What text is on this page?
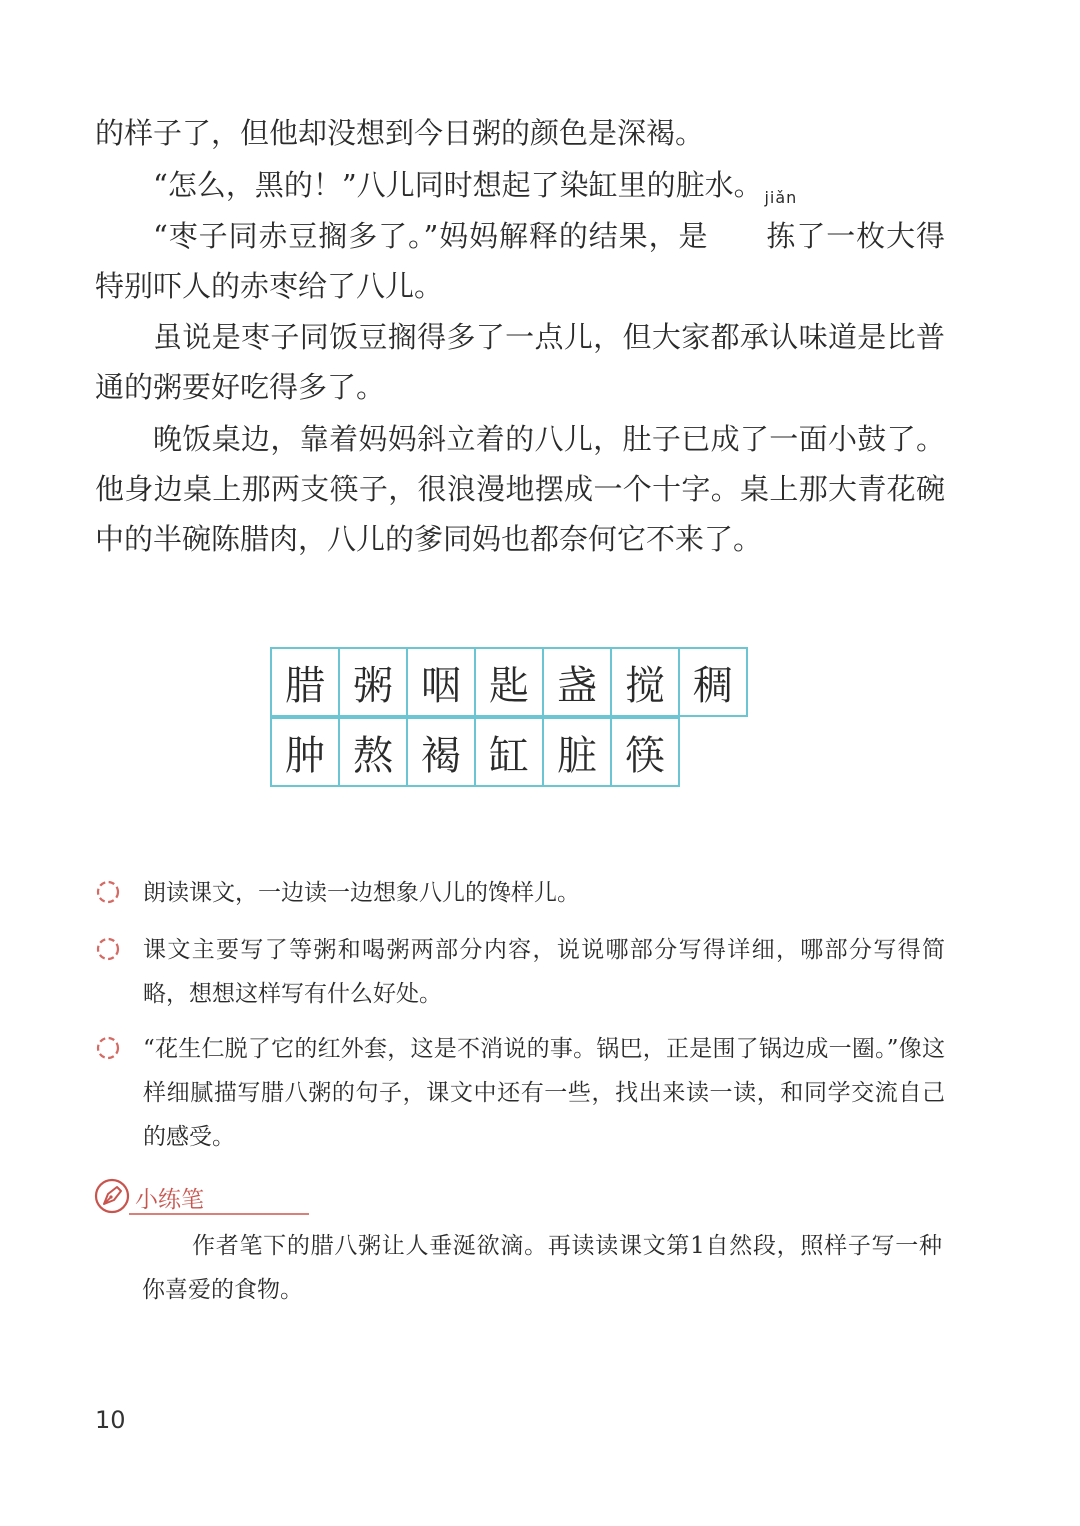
的样子了，但他却没想到今日粥的颜色是深褐。

“怎么，黑的！”八儿同时想起了染缸里的脏水。

“枣子同赤豆搁多了。”妈妈解释的结果，是
jiǎn
拣了一枚大得特别吓人的赤枣给了八儿。

虽说是枣子同饭豆搁得多了一点儿，但大家都承认味道是比普通的粥要好吃得多了。

晚饭桌边，靠着妈妈斜立着的八儿，肚子已成了一面小鼓了。他身边桌上那两支筷子，很浪漫地摆成一个十字。桌上那大青花碗中的半碗陈腊肉，八儿的爹同妈也都奈何它不来了。

腊 粥 咽 匙 盏 搅 稠
肿 熬 褐 缸 脏 筷
朗读课文，一边读一边想象八儿的馋样儿。
课文主要写了等粥和喝粥两部分内容，说说哪部分写得详细，哪部分写得简略，想想这样写有什么好处。
“花生仁脱了它的红外套，这是不消说的事。锅巴，正是围了锅边成一圈。”像这样细腻描写腊八粥的句子，课文中还有一些，找出来读一读，和同学交流自己的感受。
小练笔

作者笔下的腊八粥让人垂涎欲滴。再读读课文第1自然段，照样子写一种你喜爱的食物。

10
